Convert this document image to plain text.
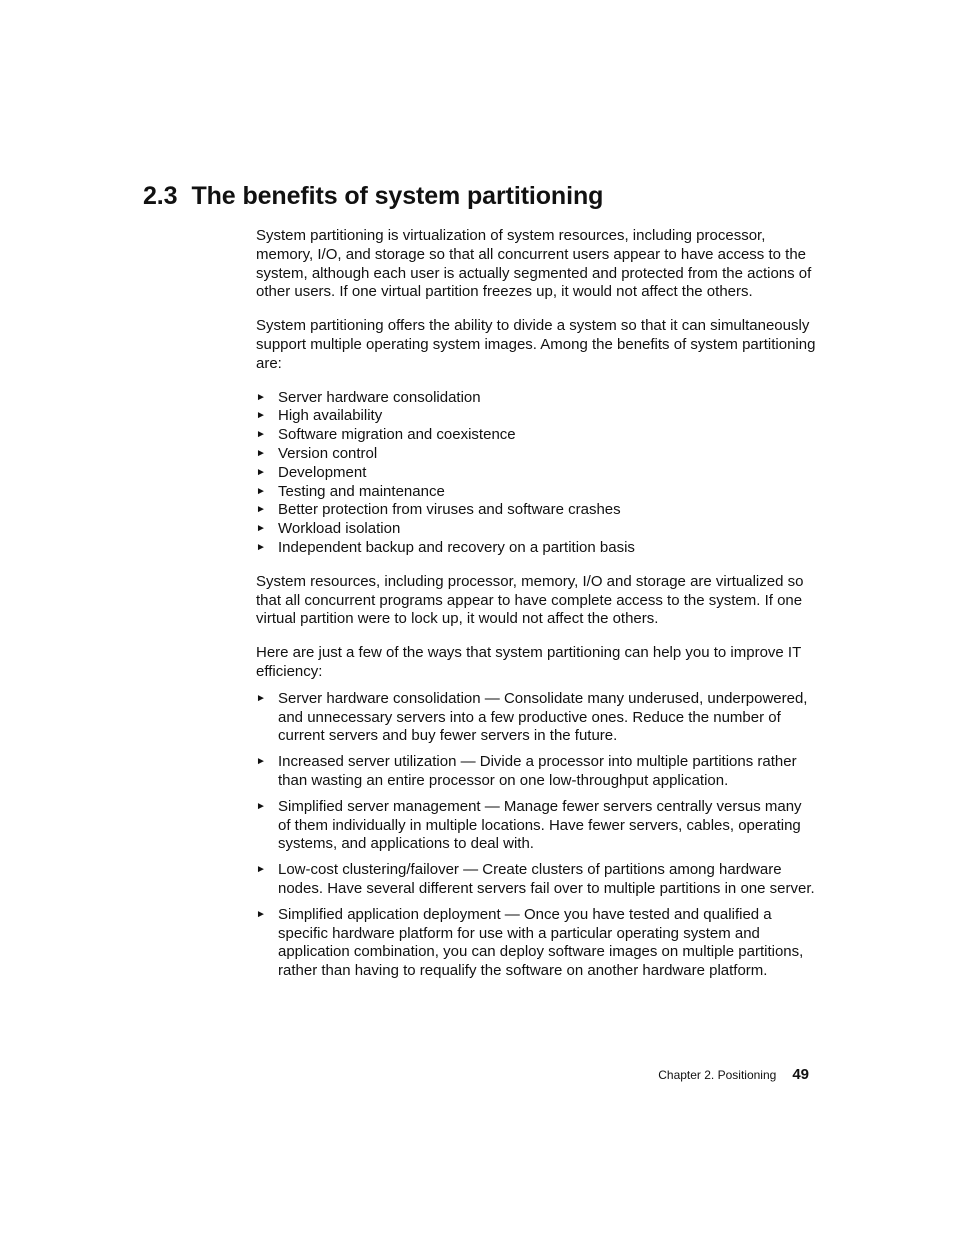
2.3 The benefits of system partitioning

System partitioning is virtualization of system resources, including processor, memory, I/O, and storage so that all concurrent users appear to have access to the system, although each user is actually segmented and protected from the actions of other users. If one virtual partition freezes up, it would not affect the others.

System partitioning offers the ability to divide a system so that it can simultaneously support multiple operating system images. Among the benefits of system partitioning are:

► Server hardware consolidation
► High availability
► Software migration and coexistence
► Version control
► Development
► Testing and maintenance
► Better protection from viruses and software crashes
► Workload isolation
► Independent backup and recovery on a partition basis

System resources, including processor, memory, I/O and storage are virtualized so that all concurrent programs appear to have complete access to the system. If one virtual partition were to lock up, it would not affect the others.

Here are just a few of the ways that system partitioning can help you to improve IT efficiency:

► Server hardware consolidation — Consolidate many underused, underpowered, and unnecessary servers into a few productive ones. Reduce the number of current servers and buy fewer servers in the future.
► Increased server utilization — Divide a processor into multiple partitions rather than wasting an entire processor on one low-throughput application.
► Simplified server management — Manage fewer servers centrally versus many of them individually in multiple locations. Have fewer servers, cables, operating systems, and applications to deal with.
► Low-cost clustering/failover — Create clusters of partitions among hardware nodes. Have several different servers fail over to multiple partitions in one server.
► Simplified application deployment — Once you have tested and qualified a specific hardware platform for use with a particular operating system and application combination, you can deploy software images on multiple partitions, rather than having to requalify the software on another hardware platform.
Chapter 2. Positioning 49
